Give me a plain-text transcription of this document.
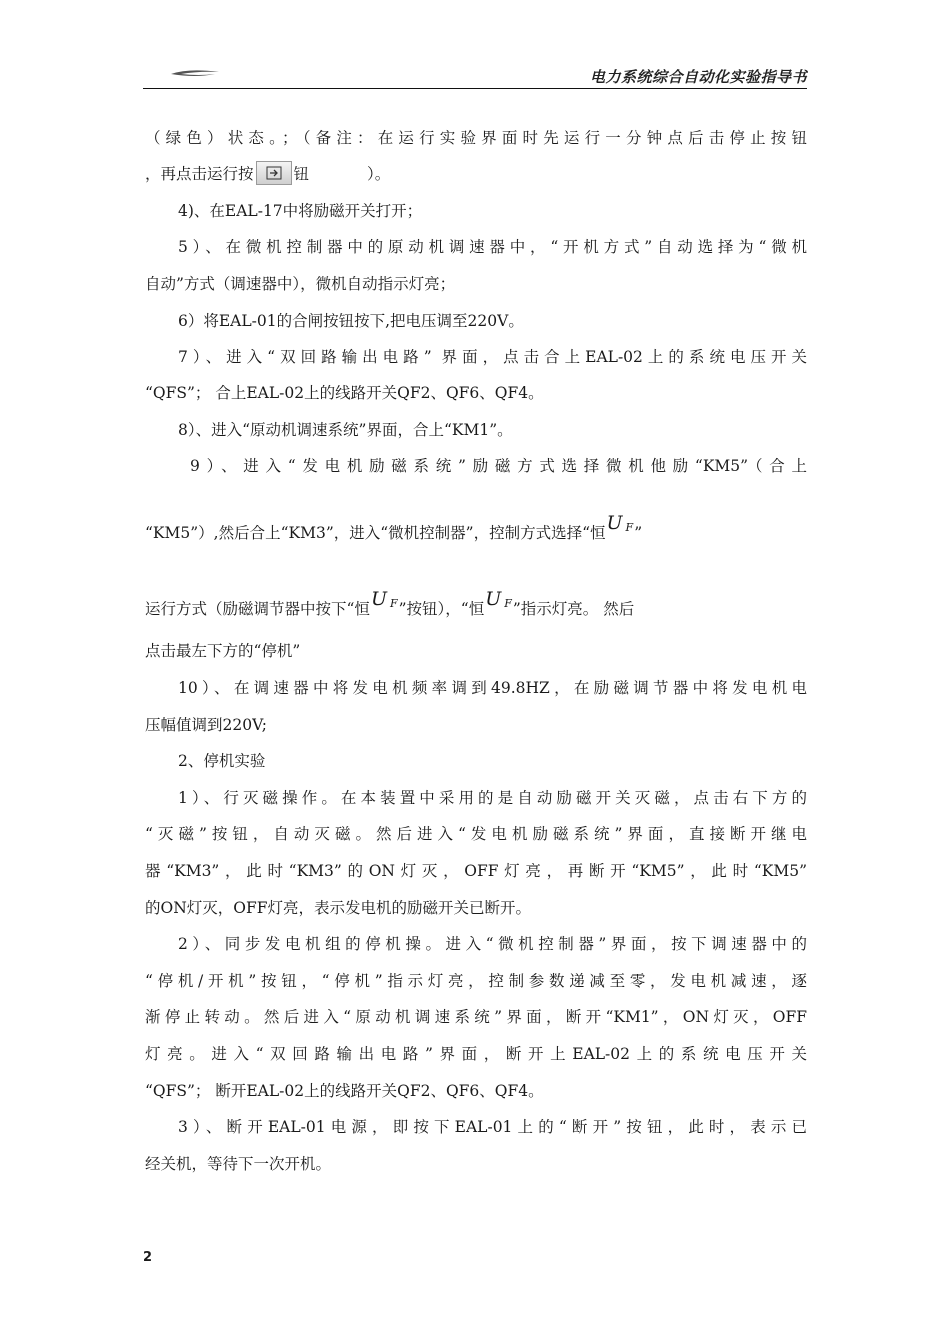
电力系统综合自动化实验指导书
（绿色）状态。；（备注：在运行实验界面时先运行一分钟点后击停止按钮
，再点击运行按	钮	）。
4)、在EAL-17中将励磁开关打开；
5）、在微机控制器中的原动机调速器中，“开机方式”自动选择为“微机
自动”方式（调速器中），微机自动指示灯亮；
6）将EAL-01的合闸按钮按下,把电压调至220V。
7）、进入“双回路输出电路” 界面，点击合上EAL-02上的系统电压开关
“QFS”； 合上EAL-02上的线路开关QF2、QF6、QF4。
8）、进入“原动机调速系统”界面，合上“KM1”。
9）、进入“发电机励磁系统”励磁方式选择微机他励“KM5”（合上
“KM5”）,然后合上“KM3”，进入“微机控制器”，控制方式选择“恒U $_F$”
运行方式（励磁调节器中按下“恒U $_F$”按钮），“恒U $_F$”指示灯亮。 然后
点击最左下方的“停机”
10）、在调速器中将发电机频率调到49.8HZ，在励磁调节器中将发电机电
压幅值调到220V;
2、停机实验
1）、行灭磁操作。在本装置中采用的是自动励磁开关灭磁，点击右下方的
“灭磁”按钮，自动灭磁。然后进入“发电机励磁系统”界面，直接断开继电
器“KM3”，此时“KM3”的ON灯灭，OFF灯亮，再断开“KM5”，此时“KM5”
的ON灯灭，OFF灯亮，表示发电机的励磁开关已断开。
2）、同步发电机组的停机操。进入“微机控制器”界面，按下调速器中的
“停机/开机”按钮，“停机”指示灯亮，控制参数递减至零，发电机减速，逐
渐停止转动。然后进入“原动机调速系统”界面，断开“KM1”，ON灯灭，OFF
灯亮。进入“双回路输出电路”界面，断开上EAL-02上的系统电压开关
“QFS”； 断开EAL-02上的线路开关QF2、QF6、QF4。
3）、断开EAL-01电源，即按下EAL-01上的“断开”按钮，此时，表示已
经关机，等待下一次开机。
2
